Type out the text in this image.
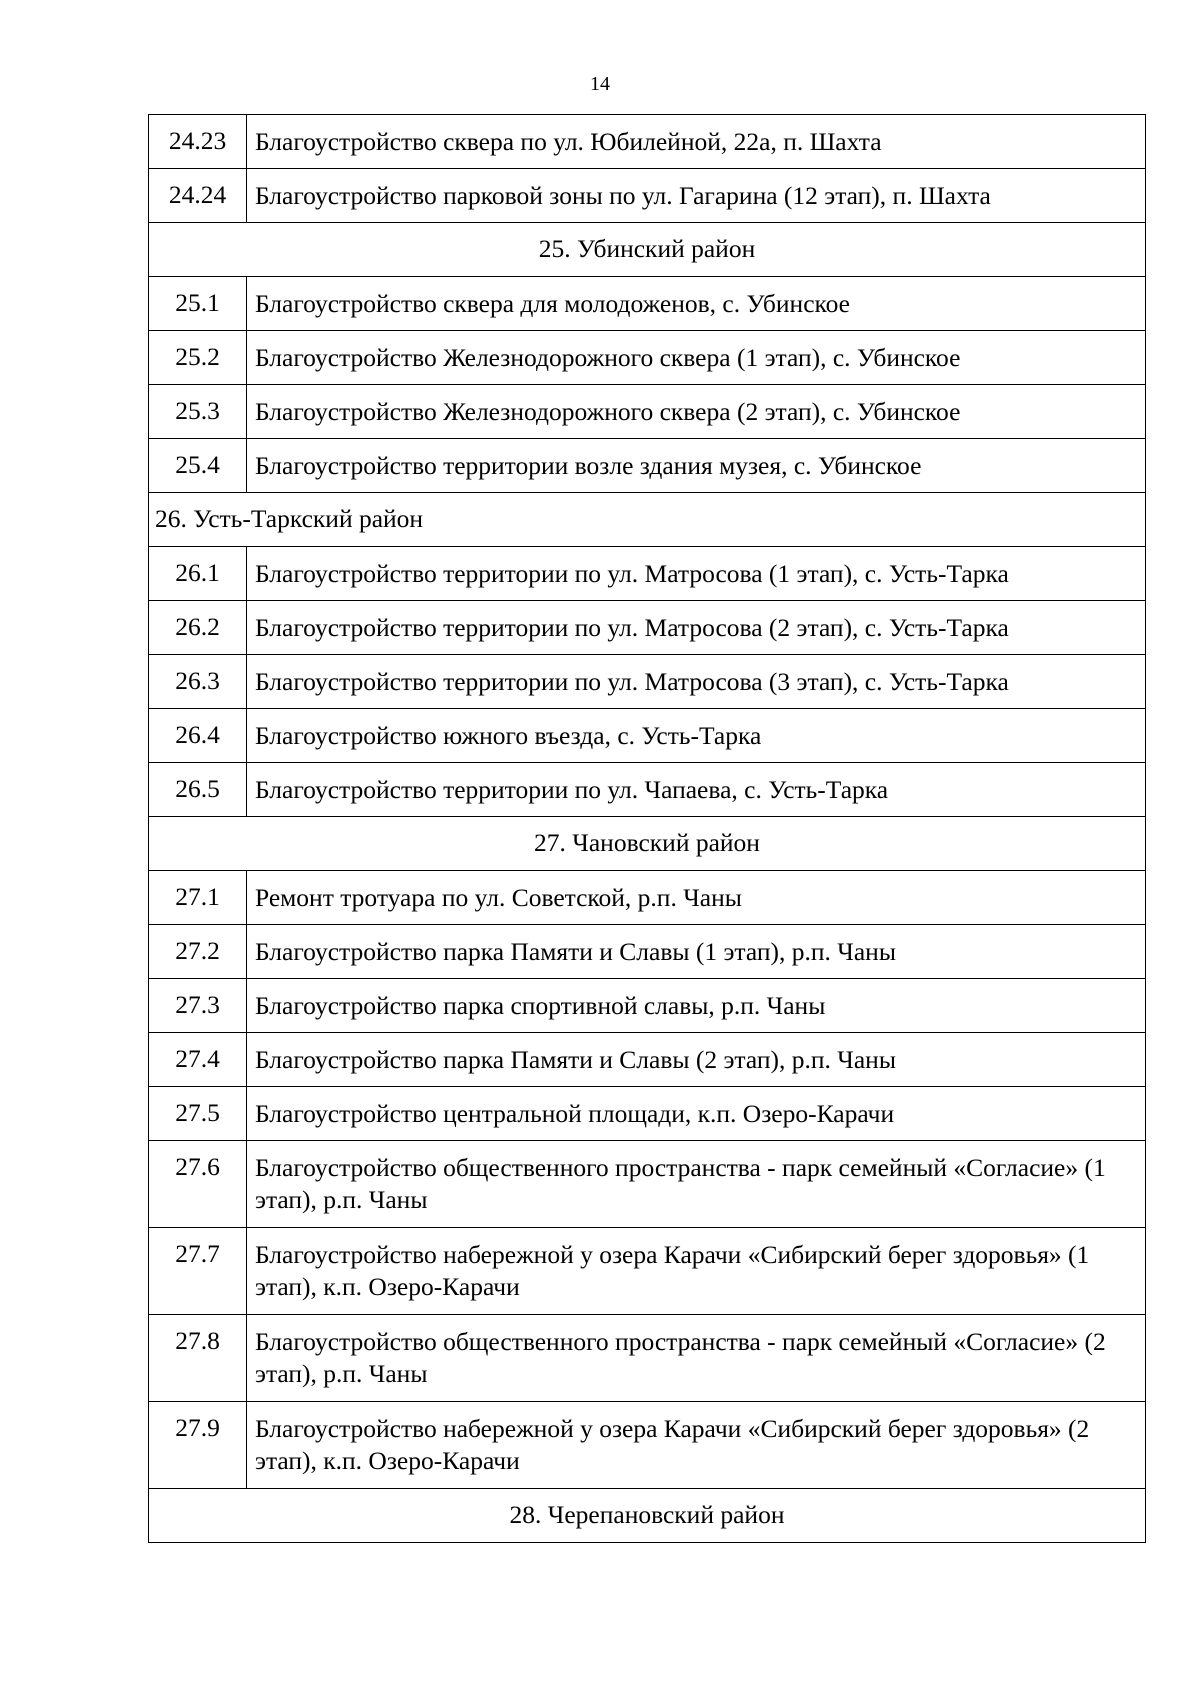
14
24.23	Благоустройство сквера по ул. Юбилейной, 22а, п. Шахта
24.24	Благоустройство парковой зоны по ул. Гагарина (12 этап), п. Шахта
25. Убинский район	
25.1	Благоустройство сквера для молодоженов, с. Убинское
25.2	Благоустройство Железнодорожного сквера (1 этап), с. Убинское
25.3	Благоустройство Железнодорожного сквера (2 этап), с. Убинское
25.4	Благоустройство территории возле здания музея, с. Убинское
26. Усть-Таркский район	
26.1	Благоустройство территории по ул. Матросова (1 этап), с. Усть-Тарка
26.2	Благоустройство территории по ул. Матросова (2 этап), с. Усть-Тарка
26.3	Благоустройство территории по ул. Матросова (3 этап), с. Усть-Тарка
26.4	Благоустройство южного въезда, с. Усть-Тарка
26.5	Благоустройство территории по ул. Чапаева, с. Усть-Тарка
27. Чановский район	
27.1	Ремонт тротуара по ул. Советской, р.п. Чаны
27.2	Благоустройство парка Памяти и Славы (1 этап), р.п. Чаны
27.3	Благоустройство парка спортивной славы, р.п. Чаны
27.4	Благоустройство парка Памяти и Славы (2 этап), р.п. Чаны
27.5	Благоустройство центральной площади, к.п. Озеро-Карачи
27.6	Благоустройство общественного пространства - парк семейный «Согласие» (1 этап), р.п. Чаны
27.7	Благоустройство набережной у озера Карачи «Сибирский берег здоровья» (1 этап), к.п. Озеро-Карачи
27.8	Благоустройство общественного пространства - парк семейный «Согласие» (2 этап), р.п. Чаны
27.9	Благоустройство набережной у озера Карачи «Сибирский берег здоровья» (2 этап), к.п. Озеро-Карачи
28. Черепановский район	
